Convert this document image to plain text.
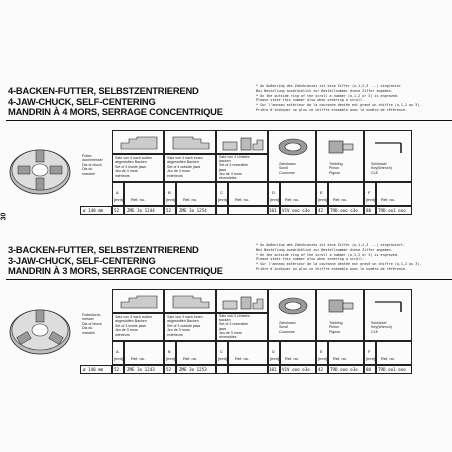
30
4-BACKEN-FUTTER, SELBSTZENTRIEREND
4-JAW-CHUCK, SELF-CENTERING
MANDRIN À 4 MORS, SERRAGE CONCENTRIQUE
* An Außenring des Zahnkranzes ist eine Ziffer (o,1,2,3 ...) eingravier
Bei Bestellung ausdrücklich zur Bestellnummer diese Ziffer angeben.
* On the outside ring of the scroll a number (o,1,2 or 3) is engraved.
Please state this number also when ordering a scroll.
* Sur l'anneau extérieur de la couronne dentée est gravé un chiffre (o,1,2 ou 3).
Prière d'indiquer ce plus ce chiffre ensemble avec le numéro de référence.
Futter-
durchmesser
Dia of chuck
Dia du
mandrin
ø 140 mm
Satz von 4 nach außen
abgestuften Backen
Set of 4 inside jaws
Jeu de 4 mors
intérieurs
A
[mm] Ref. no.
52 ZME 3o 1244
Satz von 4 nach innen
abgestuften Backen
Set of 4 outside jaws
Jeu de 4 mors
extérieurs
B
[mm] Ref. no.
52 ZME 3o 1254
Satz von 4 Umkehr-
backen
Set of 4 reversible
jaws
Jeu de 4 mors
réversibles
C
[mm] Ref. no.
Zahnkranz
Scroll
Couronne
D
[mm] Ref. no.
101 V1V ooo o3o
Triebling
Pinion
Pignon
E
[mm] Ref. no.
42 T9D ooo o3o
Schlüssel
Key(Wrench)
CLE
F
[mm] Ref. no.
80 T9D oo1 ooo
3-BACKEN-FUTTER, SELBSTZENTRIEREND
3-JAW-CHUCK, SELF-CENTERING
MANDRIN À 3 MORS, SERRAGE CONCENTRIQUE
* An Außenring des Zahnkranzes ist eine Ziffer (o,1,2,3 ...) eingraviert.
Bei Bestellung ausdrücklich zur Bestellnummer diese Ziffer angeben.
* On the outside ring of the scroll a number (o,1,2 or 3) is engraved.
Please state this number also when ordering a scroll.
* Sur l'anneau extérieur de la couronne dentée est gravé un chiffre (o,1,2 ou 3).
Prière d'indiquer au plus ce chiffre ensemble avec le numéro de référence.
Futterdurch-
messer
Dia of chuck
Dia du
mandrin
ø 140 mm
Satz von 3 nach außen
abgestuften Backen
Set of 3 inside jaws
Jeu de 3 mors
intérieurs
A
[mm] Ref. no.
52 ZME 3o 1243
Satz von 3 nach innen
abgestuften Backen
Set of 3 outside jaws
Jeu de 3 mors
extérieurs
B
[mm] Ref. no.
52 ZME 3o 1253
Satz von 3 Umkehr-
backen
Set of 3 reversible
jaws
Jeu de 3 mors
réversibles
C
[mm] Ref. no.
Zahnkranz
Scroll
Couronne
D
[mm] Ref. no.
101 V1V ooo o3o
Triebling
Pinion
Pignon
E
[mm] Ref. no.
42 T9D ooo o3o
Schlüssel
Key(Wrench)
CLE
F
[mm] Ref. no.
80 T9D oo1 ooo
